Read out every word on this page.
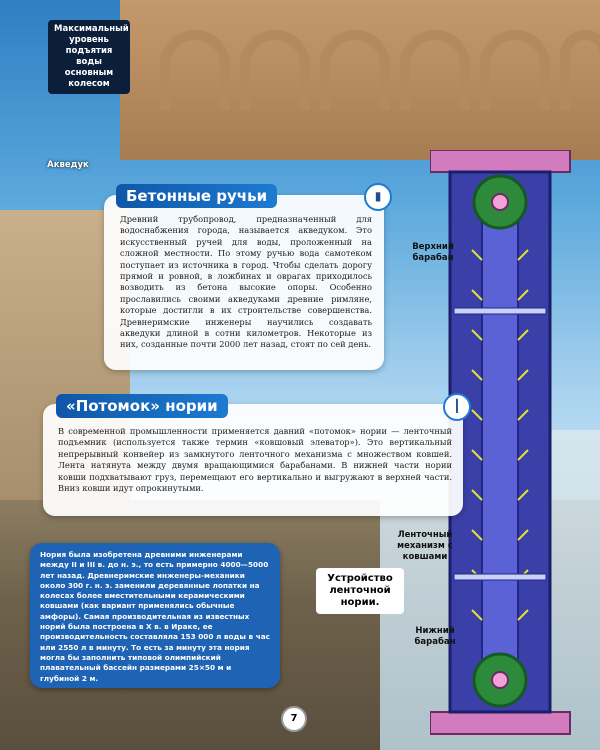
Максимальный уровень подъятия воды основным колесом
Акведук
Верхний барабан
Ленточный механизм с ковшами
Нижний барабан
Бетонные ручьи	▮
Древний трубопровод, предназначенный для водоснабжения города, называется акведуком. Это искусственный ручей для воды, проложенный на сложной местности. По этому ручью вода самотеком поступает из источника в город. Чтобы сделать дорогу прямой и ровной, в ложбинах и оврагах приходилось возводить из бетона высокие опоры. Особенно прославились своими акведуками древние римляне, которые достигли в их строительстве совершенства. Древнеримские инженеры научились создавать акведуки длиной в сотни километров. Некоторые из них, созданные почти 2000 лет назад, стоят по сей день.
«Потомок» нории	┃
В современной промышленности применяется давний «потомок» нории — ленточный подъемник (используется также термин «ковшовый элеватор»). Это вертикальный непрерывный конвейер из замкнутого ленточного механизма с множеством ковшей. Лента натянута между двумя вращающимися барабанами. В нижней части нории ковши подхватывают груз, перемещают его вертикально и выгружают в верхней части. Вниз ковши идут опрокинутыми.
Нория была изобретена древними инженерами между II и III в. до н. э., то есть примерно 4000—5000 лет назад. Древнеримские инженеры-механики около 300 г. н. э. заменили деревянные лопатки на колесах более вместительными керамическими ковшами (как вариант применялись обычные амфоры). Самая производительная из известных норий была построена в X в. в Ираке, ее производительность составляла 153 000 л воды в час или 2550 л в минуту. То есть за минуту эта нория могла бы заполнить типовой олимпийский плавательный бассейн размерами 25×50 м и глубиной 2 м.
Устройство ленточной нории.
7
